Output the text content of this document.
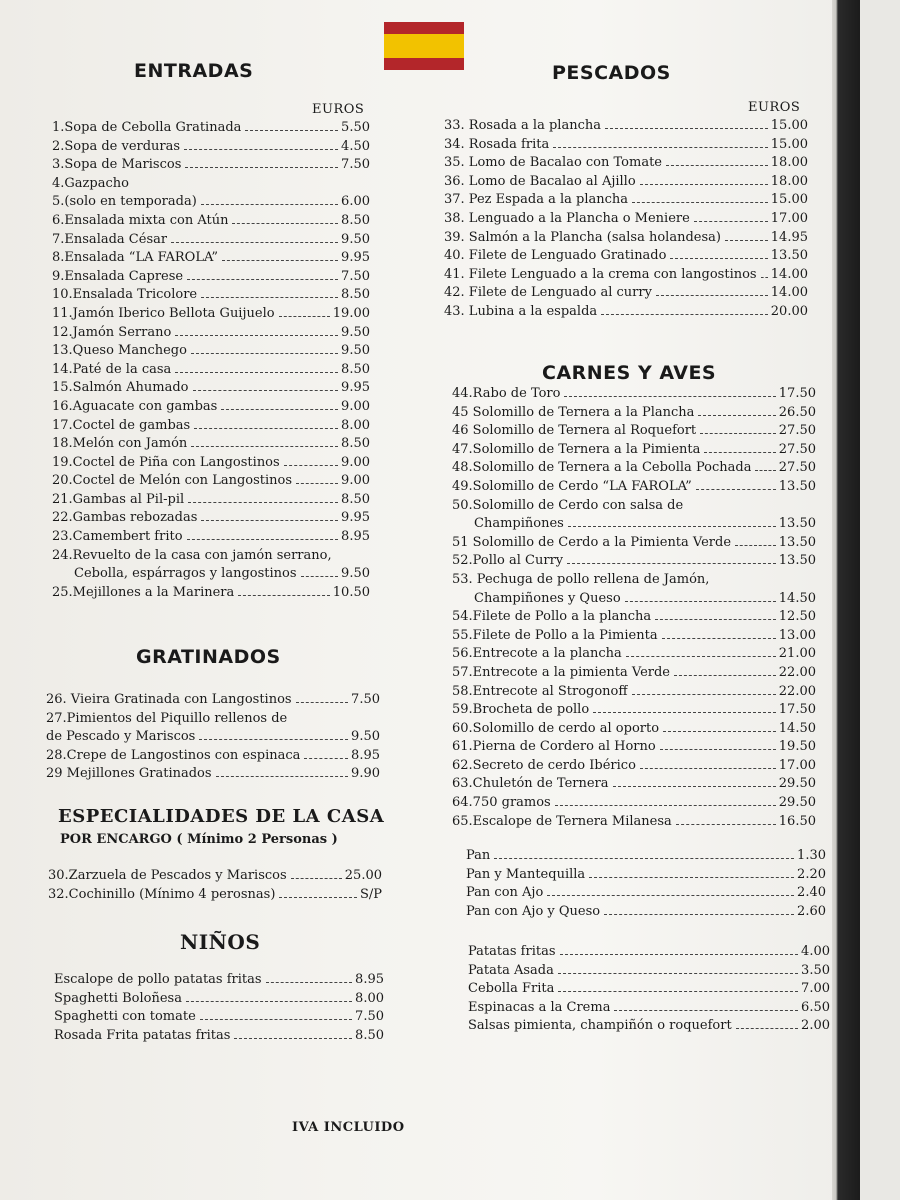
ENTRADAS
EUROS
1.Sopa de Cebolla Gratinada	5.50
2.Sopa de verduras	4.50
3.Sopa de Mariscos	7.50
4.Gazpacho
5.(solo en temporada)	6.00
6.Ensalada mixta con Atún	8.50
7.Ensalada César	9.50
8.Ensalada “LA FAROLA”	9.95
9.Ensalada Caprese	7.50
10.Ensalada Tricolore	8.50
11.Jamón Iberico Bellota Guijuelo	19.00
12.Jamón Serrano	9.50
13.Queso Manchego	9.50
14.Paté de la casa	8.50
15.Salmón Ahumado	9.95
16.Aguacate con gambas	9.00
17.Coctel de gambas	8.00
18.Melón con Jamón	8.50
19.Coctel de Piña con Langostinos	9.00
20.Coctel de Melón con Langostinos	9.00
21.Gambas al Pil-pil	8.50
22.Gambas rebozadas	9.95
23.Camembert frito	8.95
24.Revuelto de la casa con jamón serrano,
Cebolla, espárragos y langostinos	9.50
25.Mejillones a la Marinera	10.50
GRATINADOS
26. Vieira Gratinada con Langostinos	7.50
27.Pimientos del Piquillo rellenos de
de Pescado y Mariscos	9.50
28.Crepe de Langostinos con espinaca	8.95
29 Mejillones Gratinados	9.90
ESPECIALIDADES DE LA CASA
POR ENCARGO ( Mínimo 2 Personas )
30.Zarzuela de Pescados y Mariscos	25.00
32.Cochinillo (Mínimo 4 perosnas)	S/P
NIÑOS
Escalope de pollo patatas fritas	8.95
Spaghetti Boloñesa	8.00
Spaghetti con tomate	7.50
Rosada Frita patatas fritas	8.50
PESCADOS
EUROS
33. Rosada a la plancha	15.00
34. Rosada frita	15.00
35. Lomo de Bacalao con Tomate	18.00
36. Lomo de Bacalao al Ajillo	18.00
37. Pez Espada a la plancha	15.00
38. Lenguado a la Plancha o Meniere	17.00
39. Salmón a la Plancha (salsa holandesa)	14.95
40. Filete de Lenguado Gratinado	13.50
41. Filete Lenguado a la crema con langostinos 14.00
42. Filete de Lenguado al curry	14.00
43. Lubina a la espalda	20.00
CARNES Y AVES
44.Rabo de Toro	17.50
45 Solomillo de Ternera a la Plancha	26.50
46 Solomillo de Ternera al Roquefort	27.50
47.Solomillo de Ternera a la Pimienta	27.50
48.Solomillo de Ternera a la Cebolla Pochada 27.50
49.Solomillo de Cerdo “LA FAROLA”	13.50
50.Solomillo de Cerdo con salsa de
Champiñones	13.50
51 Solomillo de Cerdo a la Pimienta Verde	13.50
52.Pollo al Curry	13.50
53. Pechuga de pollo rellena de Jamón,
Champiñones y Queso	14.50
54.Filete de Pollo a la plancha	12.50
55.Filete de Pollo a la Pimienta	13.00
56.Entrecote a la plancha	21.00
57.Entrecote a la pimienta Verde	22.00
58.Entrecote al Strogonoff	22.00
59.Brocheta de pollo	17.50
60.Solomillo de cerdo al oporto	14.50
61.Pierna de Cordero al Horno	19.50
62.Secreto de cerdo Ibérico	17.00
63.Chuletón de Ternera	29.50
64.750 gramos	29.50
65.Escalope de Ternera Milanesa	16.50
Pan	1.30
Pan y Mantequilla	2.20
Pan con Ajo	2.40
Pan con Ajo y Queso	2.60
Patatas fritas	4.00
Patata Asada	3.50
Cebolla Frita	7.00
Espinacas a la Crema	6.50
Salsas pimienta, champiñón o roquefort	2.00
IVA INCLUIDO
